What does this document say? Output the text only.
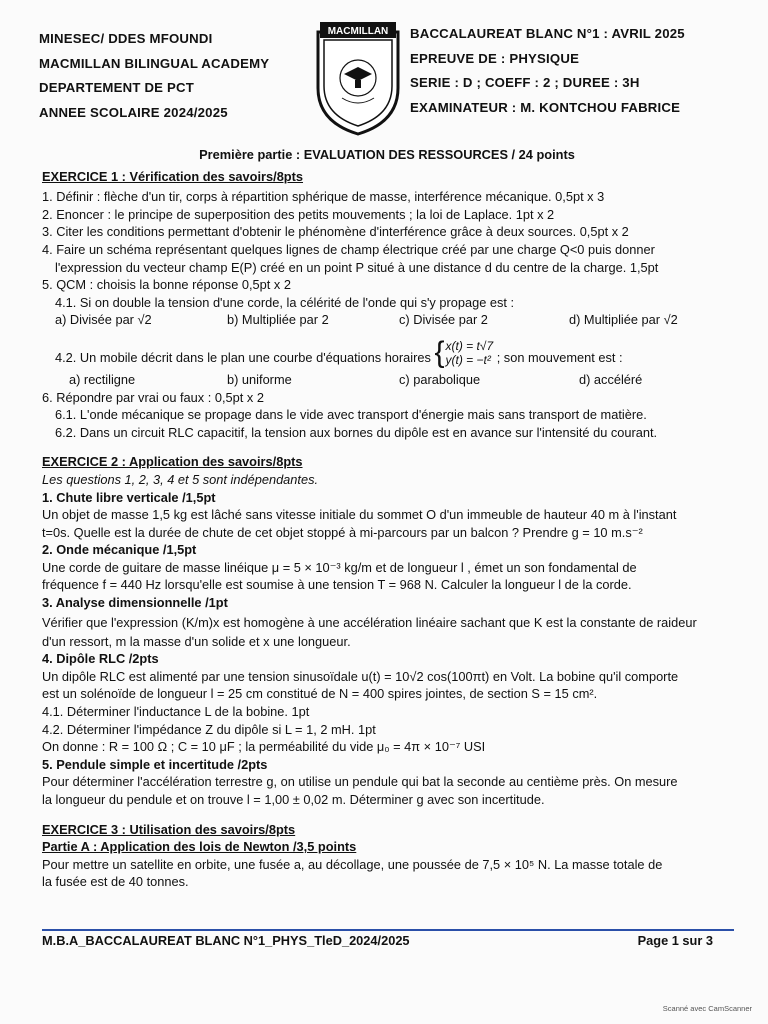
MINESEC/ DDES MFOUNDI
MACMILLAN BILINGUAL ACADEMY
DEPARTEMENT DE PCT
ANNEE SCOLAIRE 2024/2025
MACMILLAN BACCALAUREAT BLANC N°1 : AVRIL 2025
EPREUVE DE : PHYSIQUE
SERIE : D ; COEFF : 2 ; DUREE : 3H
EXAMINATEUR : M. KONTCHOU FABRICE
Première partie : EVALUATION DES RESSOURCES / 24 points
EXERCICE 1 : Vérification des savoirs/8pts
1. Définir : flèche d'un tir, corps à répartition sphérique de masse, interférence mécanique. 0,5pt x 3
2. Enoncer : le principe de superposition des petits mouvements ; la loi de Laplace. 1pt x 2
3. Citer les conditions permettant d'obtenir le phénomène d'interférence grâce à deux sources. 0,5pt x 2
4. Faire un schéma représentant quelques lignes de champ électrique créé par une charge Q<0 puis donner
l'expression du vecteur champ E(P) créé en un point P situé à une distance d du centre de la charge. 1,5pt
5. QCM : choisis la bonne réponse 0,5pt x 2
4.1. Si on double la tension d'une corde, la célérité de l'onde qui s'y propage est :
a) Divisée par √2	b) Multipliée par 2	c) Divisée par 2	d) Multipliée par √2
4.2. Un mobile décrit dans le plan une courbe d'équations horaires { x(t) = t√7
y(t) = −t² ; son mouvement est :
a) rectiligne	b) uniforme	c) parabolique	d) accéléré
6. Répondre par vrai ou faux : 0,5pt x 2
6.1. L'onde mécanique se propage dans le vide avec transport d'énergie mais sans transport de matière.
6.2. Dans un circuit RLC capacitif, la tension aux bornes du dipôle est en avance sur l'intensité du courant.
EXERCICE 2 : Application des savoirs/8pts
Les questions 1, 2, 3, 4 et 5 sont indépendantes.
1. Chute libre verticale /1,5pt
Un objet de masse 1,5 kg est lâché sans vitesse initiale du sommet O d'un immeuble de hauteur 40 m à l'instant
t=0s. Quelle est la durée de chute de cet objet stoppé à mi-parcours par un balcon ? Prendre g = 10 m.s⁻²
2. Onde mécanique /1,5pt
Une corde de guitare de masse linéique μ = 5 × 10⁻³ kg/m et de longueur l , émet un son fondamental de
fréquence f = 440 Hz lorsqu'elle est soumise à une tension T = 968 N. Calculer la longueur l de la corde.
3. Analyse dimensionnelle /1pt
Vérifier que l'expression (K/m)x est homogène à une accélération linéaire sachant que K est la constante de raideur
d'un ressort, m la masse d'un solide et x une longueur.
4. Dipôle RLC /2pts
Un dipôle RLC est alimenté par une tension sinusoïdale u(t) = 10√2 cos(100πt) en Volt. La bobine qu'il comporte
est un solénoïde de longueur l = 25 cm constitué de N = 400 spires jointes, de section S = 15 cm².
4.1. Déterminer l'inductance L de la bobine. 1pt
4.2. Déterminer l'impédance Z du dipôle si L = 1, 2 mH. 1pt
On donne : R = 100 Ω ; C = 10 μF ; la perméabilité du vide μ₀ = 4π × 10⁻⁷ USI
5. Pendule simple et incertitude /2pts
Pour déterminer l'accélération terrestre g, on utilise un pendule qui bat la seconde au centième près. On mesure
la longueur du pendule et on trouve l = 1,00 ± 0,02 m. Déterminer g avec son incertitude.
EXERCICE 3 : Utilisation des savoirs/8pts
Partie A : Application des lois de Newton /3,5 points
Pour mettre un satellite en orbite, une fusée a, au décollage, une poussée de 7,5 × 10⁵ N. La masse totale de
la fusée est de 40 tonnes.
M.B.A_BACCALAUREAT BLANC N°1_PHYS_TleD_2024/2025	Page 1 sur 3
Scanné avec CamScanner
